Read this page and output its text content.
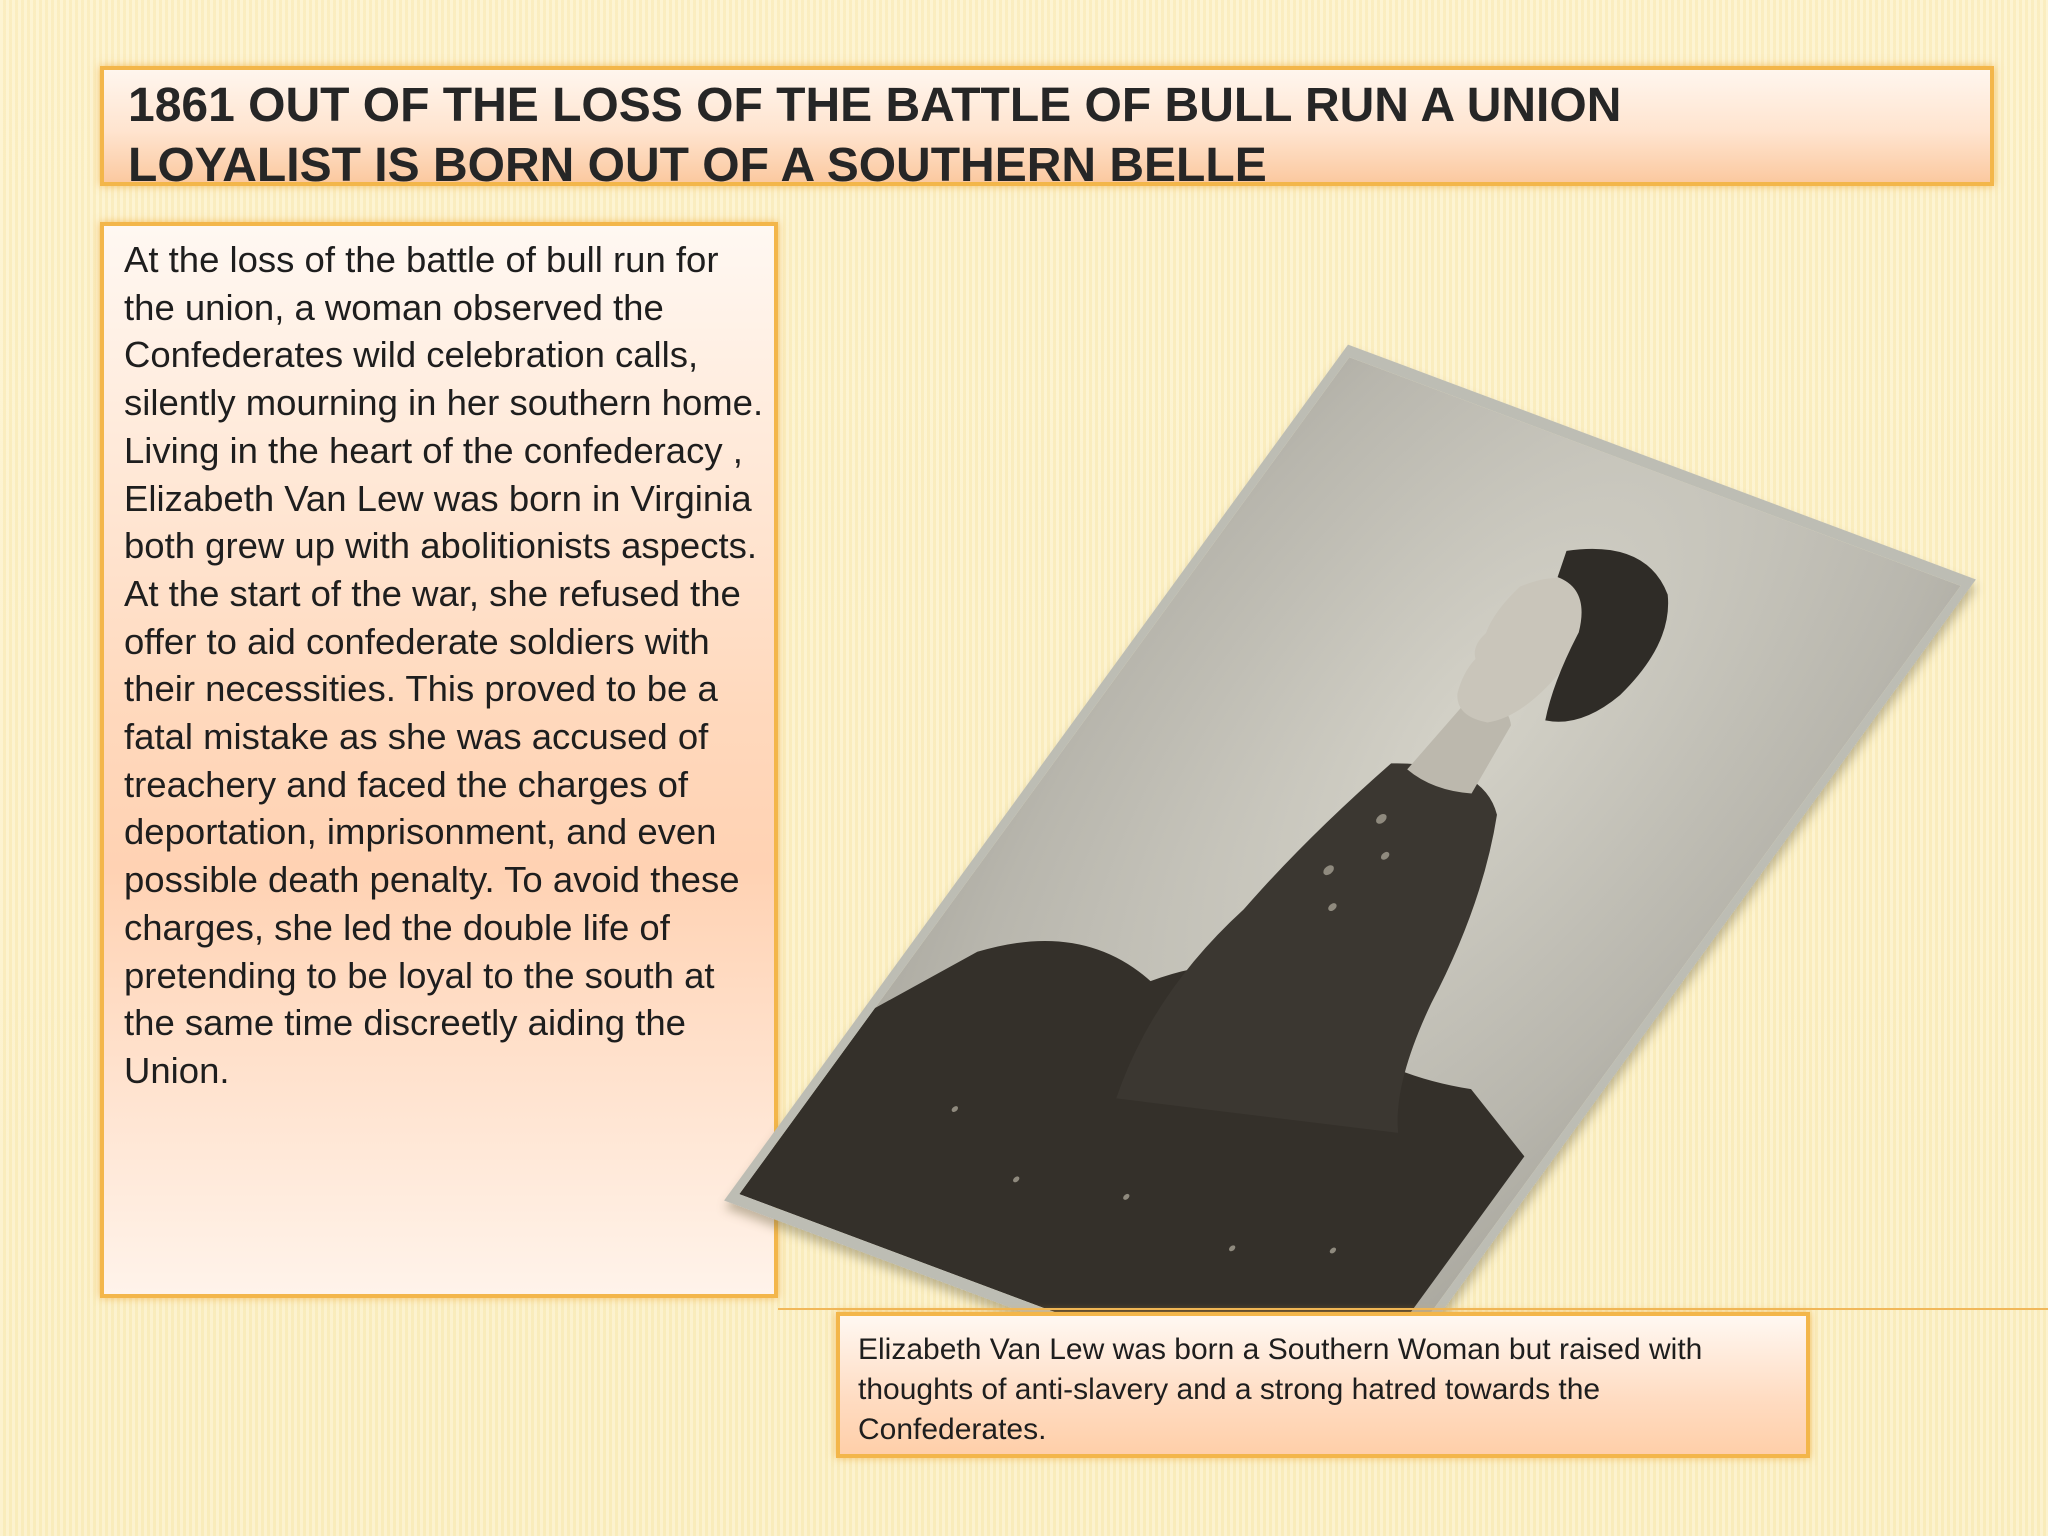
1861 OUT OF THE LOSS OF THE BATTLE OF BULL RUN A UNION
LOYALIST IS BORN OUT OF A SOUTHERN BELLE

At the loss of the battle of bull run for the union, a woman observed the Confederates wild celebration calls, silently mourning in her southern home. Living in the heart of the confederacy , Elizabeth Van Lew was born in Virginia both grew up with abolitionists aspects. At the start of the war, she refused the offer to aid confederate soldiers with their necessities. This proved to be a fatal mistake as she was accused of treachery and faced the charges of deportation, imprisonment, and even possible death penalty. To avoid these charges, she led the double life of pretending to be loyal to the south at the same time discreetly aiding the Union.

Elizabeth Van Lew was born a Southern Woman but raised with thoughts of anti-slavery and a strong hatred towards the Confederates.
